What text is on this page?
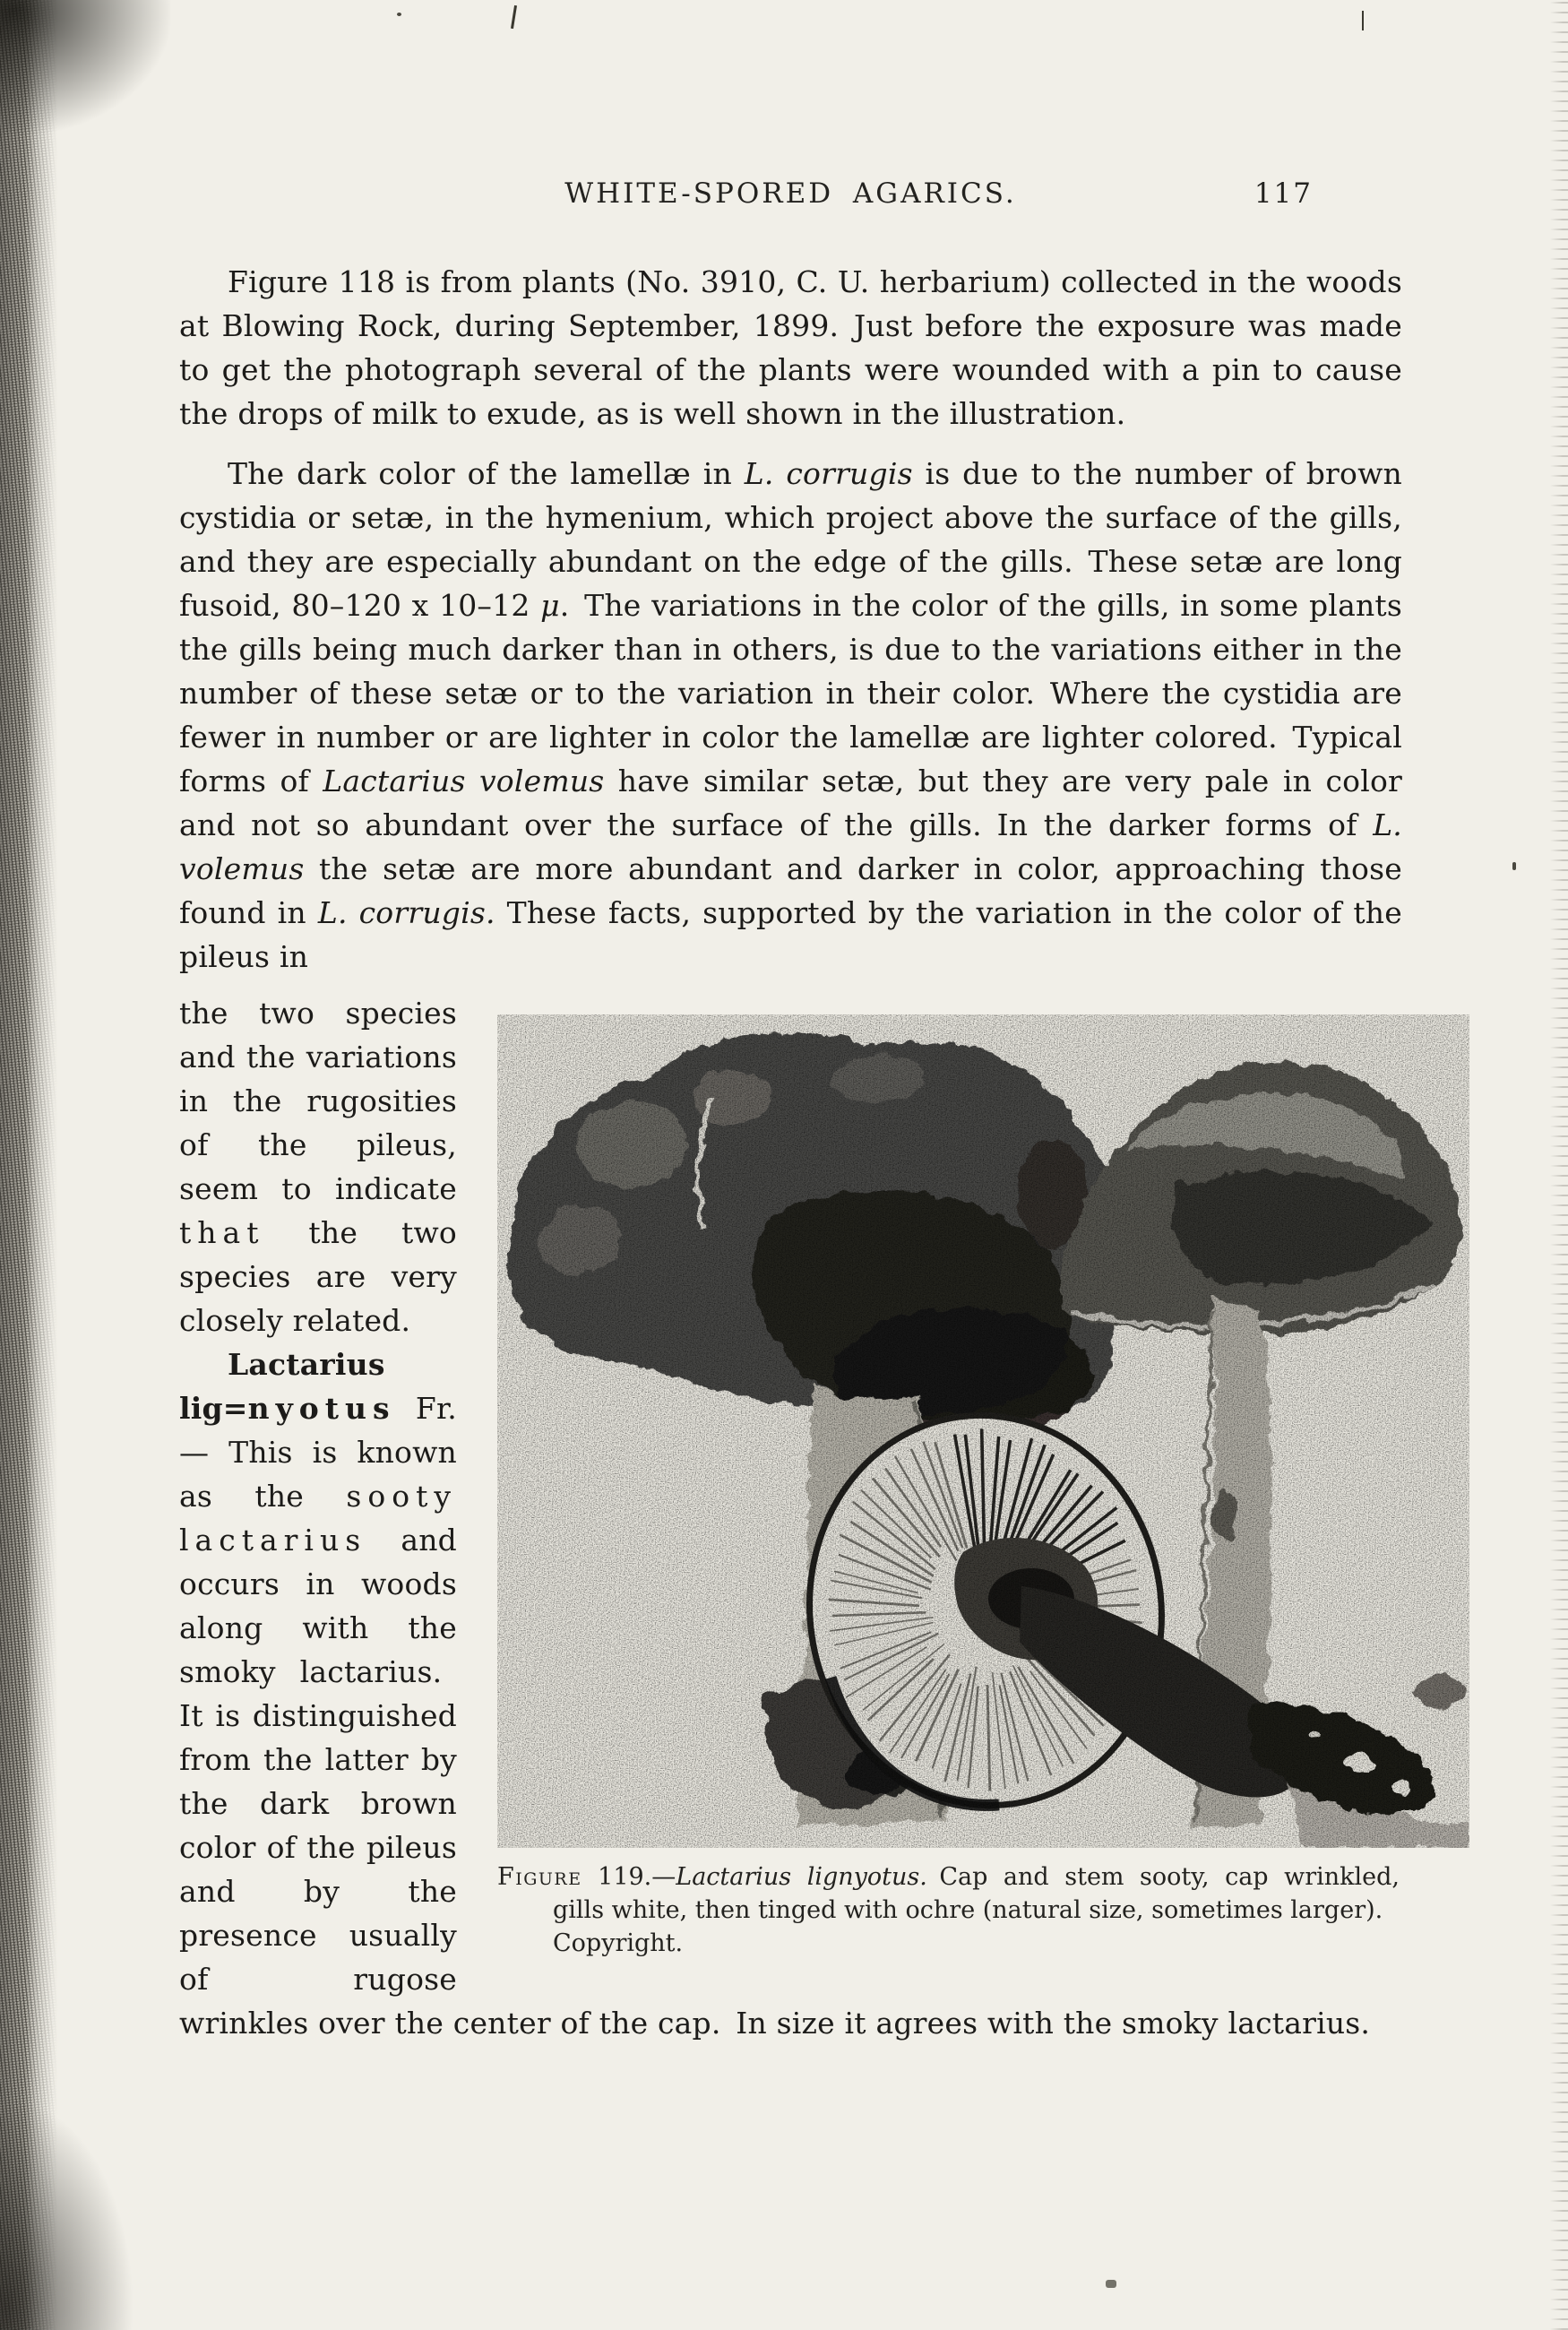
WHITE-SPORED AGARICS.	117

Figure 118 is from plants (No. 3910, C. U. herbarium) collected in the woods at Blowing Rock, during September, 1899. Just before the exposure was made to get the photograph several of the plants were wounded with a pin to cause the drops of milk to exude, as is well shown in the illustration.

The dark color of the lamellæ in L. corrugis is due to the number of brown cystidia or setæ, in the hymenium, which project above the surface of the gills, and they are especially abundant on the edge of the gills. These setæ are long fusoid, 80–120 x 10–12 μ. The variations in the color of the gills, in some plants the gills being much darker than in others, is due to the variations either in the number of these setæ or to the variation in their color. Where the cystidia are fewer in number or are lighter in color the lamellæ are lighter colored. Typical forms of Lactarius volemus have similar setæ, but they are very pale in color and not so abundant over the surface of the gills. In the darker forms of L. volemus the setæ are more abundant and darker in color, approaching those found in L. corrugis. These facts, supported by the variation in the color of the pileus in

Figure 119.—Lactarius lignyotus. Cap and stem sooty, cap wrinkled, gills white, then tinged with ochre (natural size, sometimes larger).
Copyright.

the two species and the variations in the rugosities of the pileus, seem to indicate that the two species are very closely related.

Lactarius lig=nyotus Fr. — This is known as the sooty lactarius and occurs in woods along with the smoky lactarius. It is distinguished from the latter by the dark brown color of the pileus and by the presence usually of rugose wrinkles over the center of the cap. In size it agrees with the smoky lactarius.
